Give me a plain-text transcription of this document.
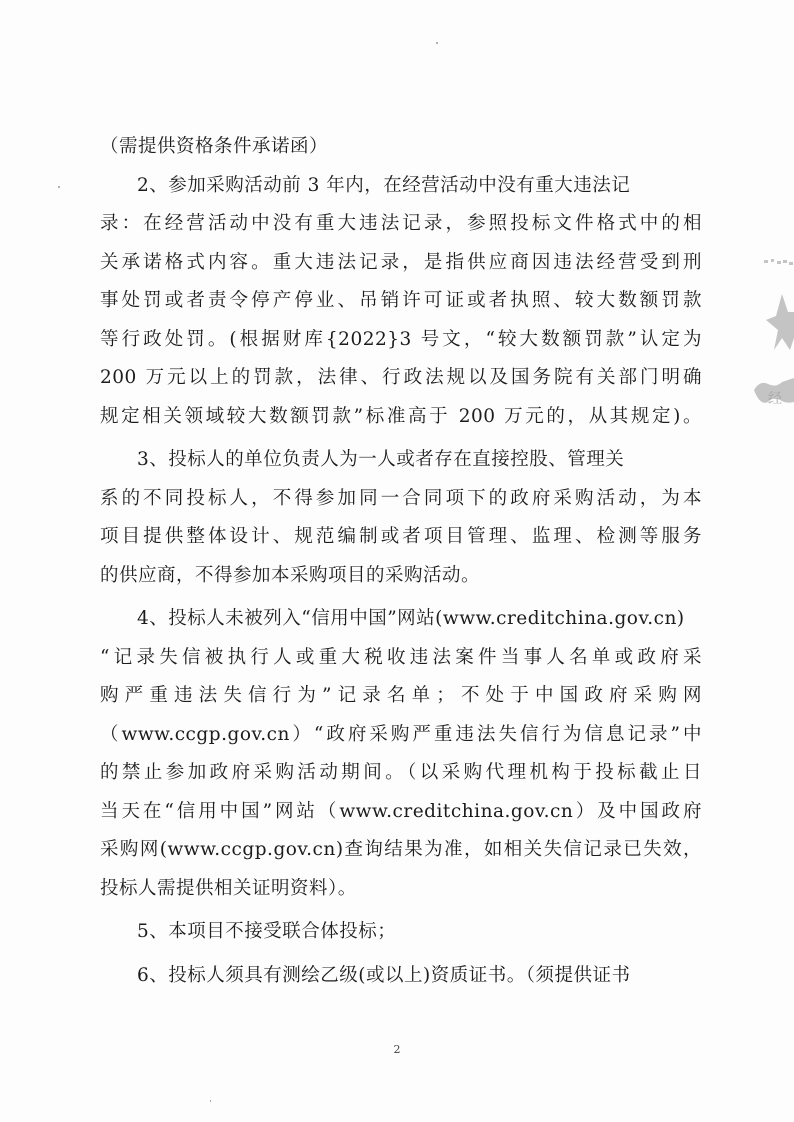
（需提供资格条件承诺函）
2、参加采购活动前 3 年内，在经营活动中没有重大违法记
录：在经营活动中没有重大违法记录，参照投标文件格式中的相
关承诺格式内容。重大违法记录，是指供应商因违法经营受到刑
事处罚或者责令停产停业、吊销许可证或者执照、较大数额罚款
等行政处罚。(根据财库{2022}3 号文，“较大数额罚款”认定为
200 万元以上的罚款，法律、行政法规以及国务院有关部门明确
规定相关领域较大数额罚款”标准高于 200 万元的，从其规定)。
3、投标人的单位负责人为一人或者存在直接控股、管理关
系的不同投标人，不得参加同一合同项下的政府采购活动，为本
项目提供整体设计、规范编制或者项目管理、监理、检测等服务
的供应商，不得参加本采购项目的采购活动。
4、投标人未被列入“信用中国”网站(www.creditchina.gov.cn)
“记录失信被执行人或重大税收违法案件当事人名单或政府采
购严重违法失信行为”记录名单；不处于中国政府采购网
（www.ccgp.gov.cn）“政府采购严重违法失信行为信息记录”中
的禁止参加政府采购活动期间。（以采购代理机构于投标截止日
当天在“信用中国”网站（www.creditchina.gov.cn）及中国政府
采购网(www.ccgp.gov.cn)查询结果为准，如相关失信记录已失效，
投标人需提供相关证明资料）。
5、本项目不接受联合体投标；
6、投标人须具有测绘乙级(或以上)资质证书。（须提供证书
2
经
